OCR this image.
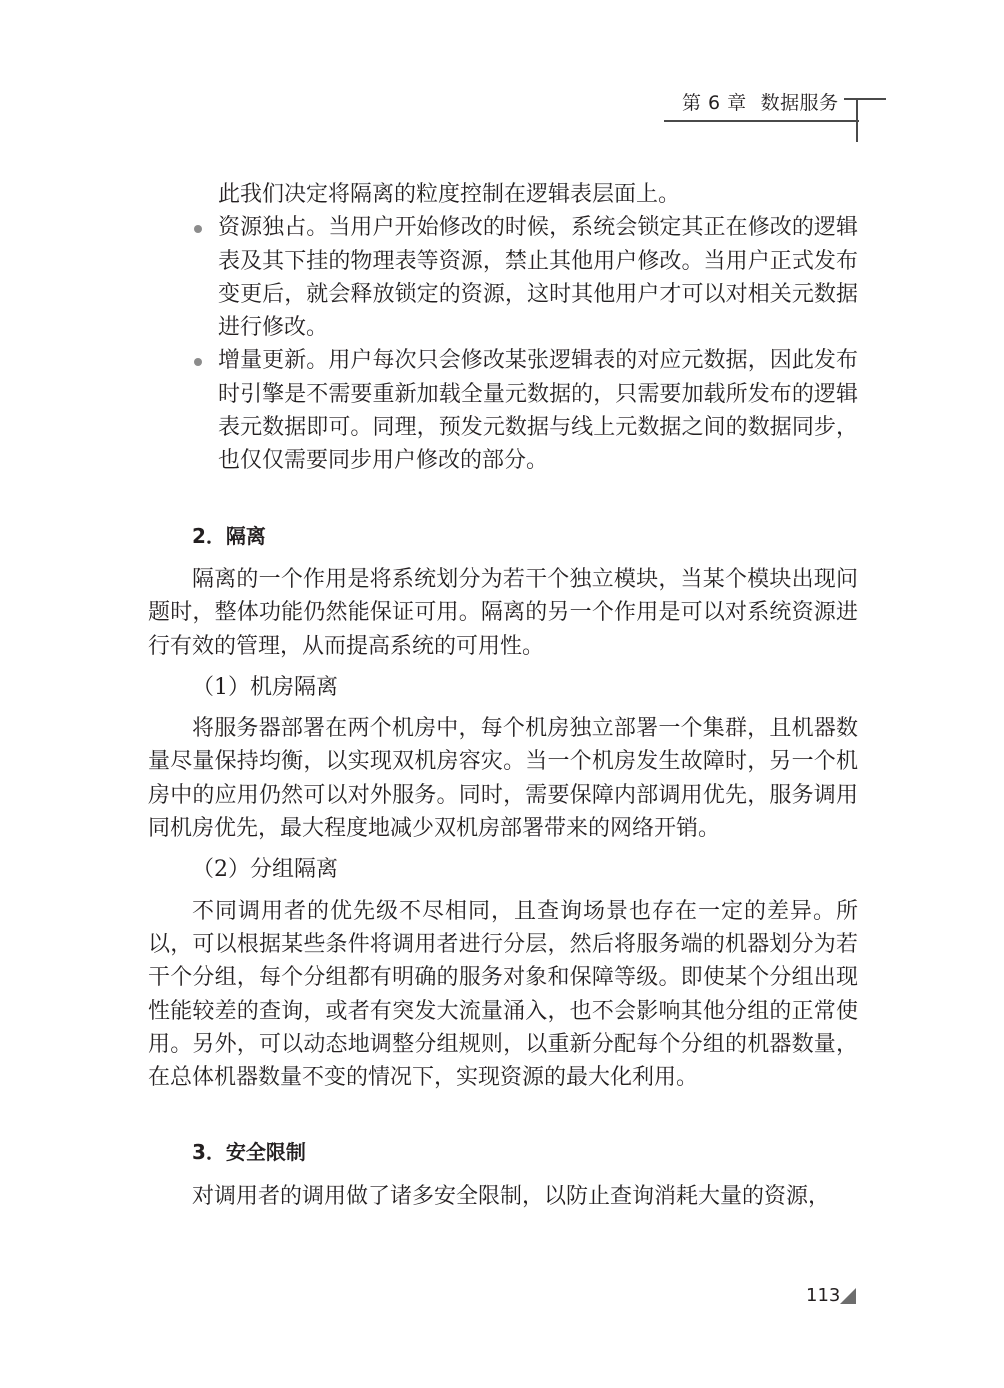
第 6 章 数据服务

此我们决定将隔离的粒度控制在逻辑表层面上。

资源独占。当用户开始修改的时候，系统会锁定其正在修改的逻辑表及其下挂的物理表等资源，禁止其他用户修改。当用户正式发布变更后，就会释放锁定的资源，这时其他用户才可以对相关元数据进行修改。

增量更新。用户每次只会修改某张逻辑表的对应元数据，因此发布时引擎是不需要重新加载全量元数据的，只需要加载所发布的逻辑表元数据即可。同理，预发元数据与线上元数据之间的数据同步，也仅仅需要同步用户修改的部分。

2．隔离

隔离的一个作用是将系统划分为若干个独立模块，当某个模块出现问题时，整体功能仍然能保证可用。隔离的另一个作用是可以对系统资源进行有效的管理，从而提高系统的可用性。

（1）机房隔离

将服务器部署在两个机房中，每个机房独立部署一个集群，且机器数量尽量保持均衡，以实现双机房容灾。当一个机房发生故障时，另一个机房中的应用仍然可以对外服务。同时，需要保障内部调用优先，服务调用同机房优先，最大程度地减少双机房部署带来的网络开销。

（2）分组隔离

不同调用者的优先级不尽相同，且查询场景也存在一定的差异。所以，可以根据某些条件将调用者进行分层，然后将服务端的机器划分为若干个分组，每个分组都有明确的服务对象和保障等级。即使某个分组出现性能较差的查询，或者有突发大流量涌入，也不会影响其他分组的正常使用。另外，可以动态地调整分组规则，以重新分配每个分组的机器数量，在总体机器数量不变的情况下，实现资源的最大化利用。

3．安全限制

对调用者的调用做了诸多安全限制，以防止查询消耗大量的资源，

113
